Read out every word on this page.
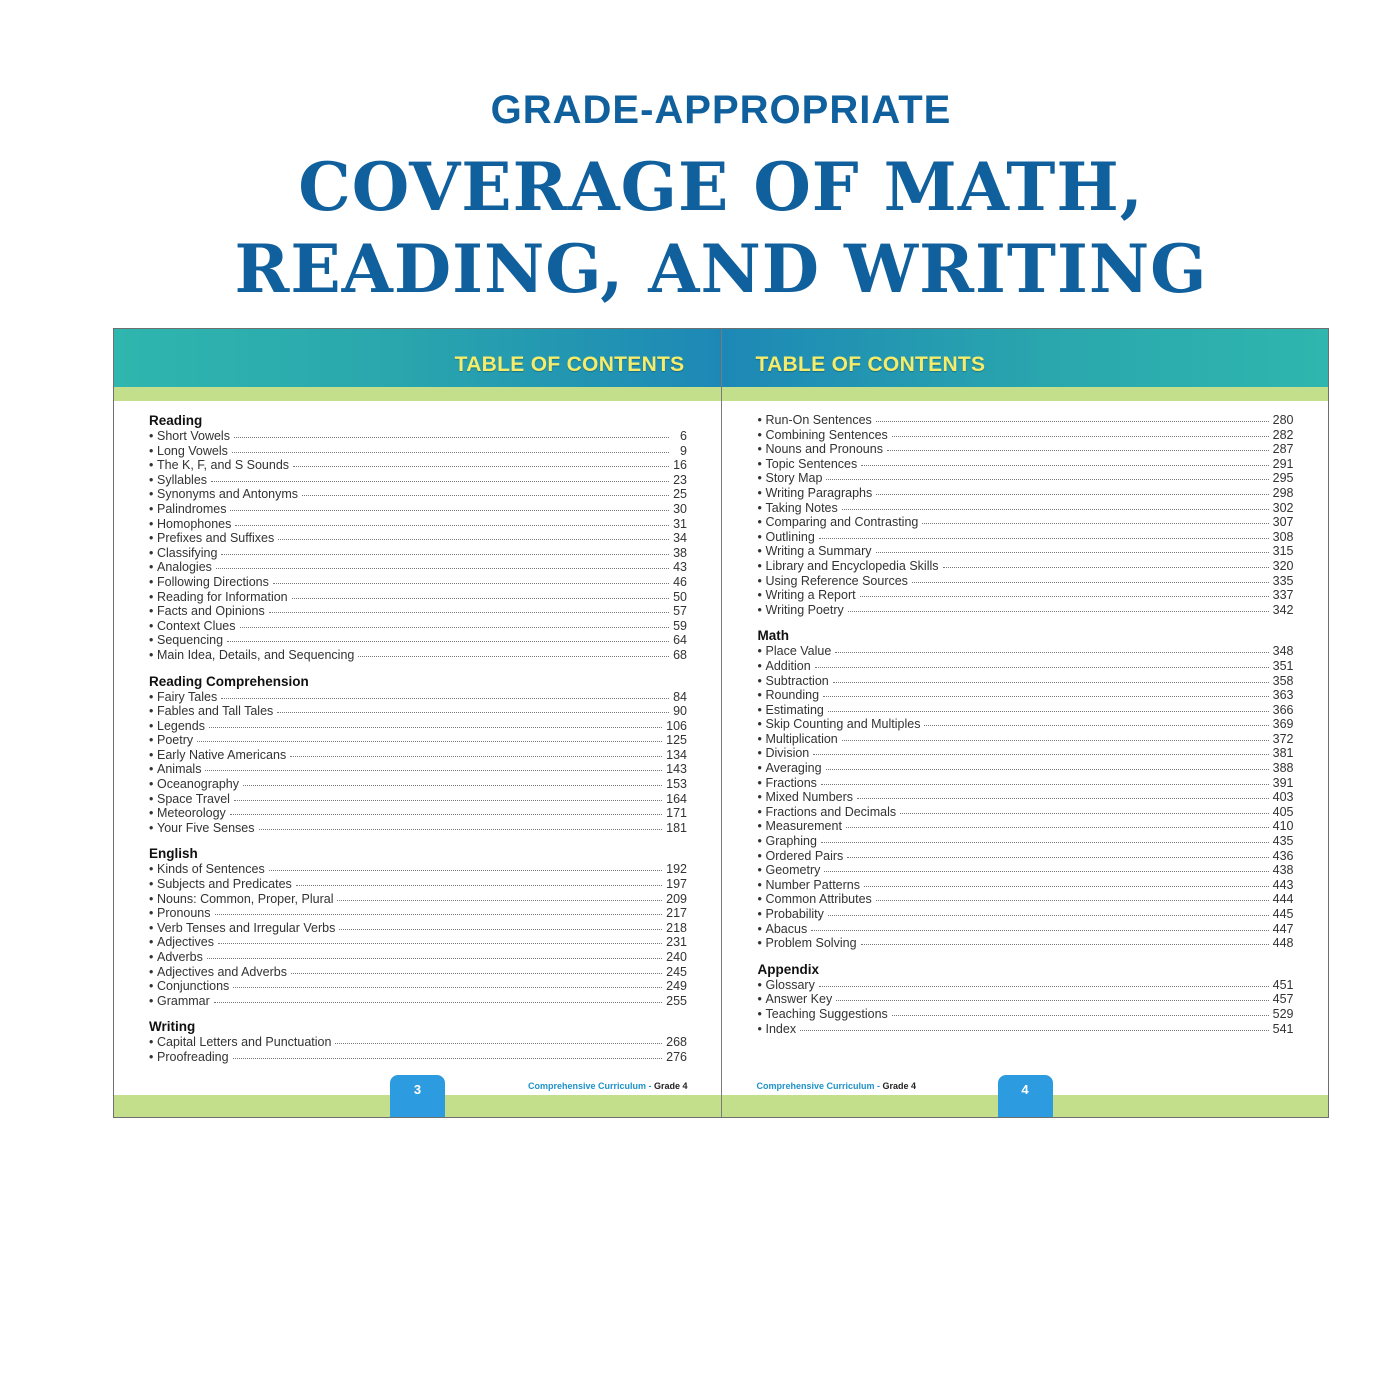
GRADE-APPROPRIATE
COVERAGE OF MATH,
READING, AND WRITING
TABLE OF CONTENTS
Reading
• Short Vowels	6
• Long Vowels	9
• The K, F, and S Sounds	16
• Syllables	23
• Synonyms and Antonyms	25
• Palindromes	30
• Homophones	31
• Prefixes and Suffixes	34
• Classifying	38
• Analogies	43
• Following Directions	46
• Reading for Information	50
• Facts and Opinions	57
• Context Clues	59
• Sequencing	64
• Main Idea, Details, and Sequencing	68
Reading Comprehension
• Fairy Tales	84
• Fables and Tall Tales	90
• Legends	106
• Poetry	125
• Early Native Americans	134
• Animals	143
• Oceanography	153
• Space Travel	164
• Meteorology	171
• Your Five Senses	181
English
• Kinds of Sentences	192
• Subjects and Predicates	197
• Nouns: Common, Proper, Plural	209
• Pronouns	217
• Verb Tenses and Irregular Verbs	218
• Adjectives	231
• Adverbs	240
• Adjectives and Adverbs	245
• Conjunctions	249
• Grammar	255
Writing
• Capital Letters and Punctuation	268
• Proofreading	276
3	Comprehensive Curriculum - Grade 4
TABLE OF CONTENTS
• Run-On Sentences	280
• Combining Sentences	282
• Nouns and Pronouns	287
• Topic Sentences	291
• Story Map	295
• Writing Paragraphs	298
• Taking Notes	302
• Comparing and Contrasting	307
• Outlining	308
• Writing a Summary	315
• Library and Encyclopedia Skills	320
• Using Reference Sources	335
• Writing a Report	337
• Writing Poetry	342
Math
• Place Value	348
• Addition	351
• Subtraction	358
• Rounding	363
• Estimating	366
• Skip Counting and Multiples	369
• Multiplication	372
• Division	381
• Averaging	388
• Fractions	391
• Mixed Numbers	403
• Fractions and Decimals	405
• Measurement	410
• Graphing	435
• Ordered Pairs	436
• Geometry	438
• Number Patterns	443
• Common Attributes	444
• Probability	445
• Abacus	447
• Problem Solving	448
Appendix
• Glossary	451
• Answer Key	457
• Teaching Suggestions	529
• Index	541
4
Comprehensive Curriculum - Grade 4
